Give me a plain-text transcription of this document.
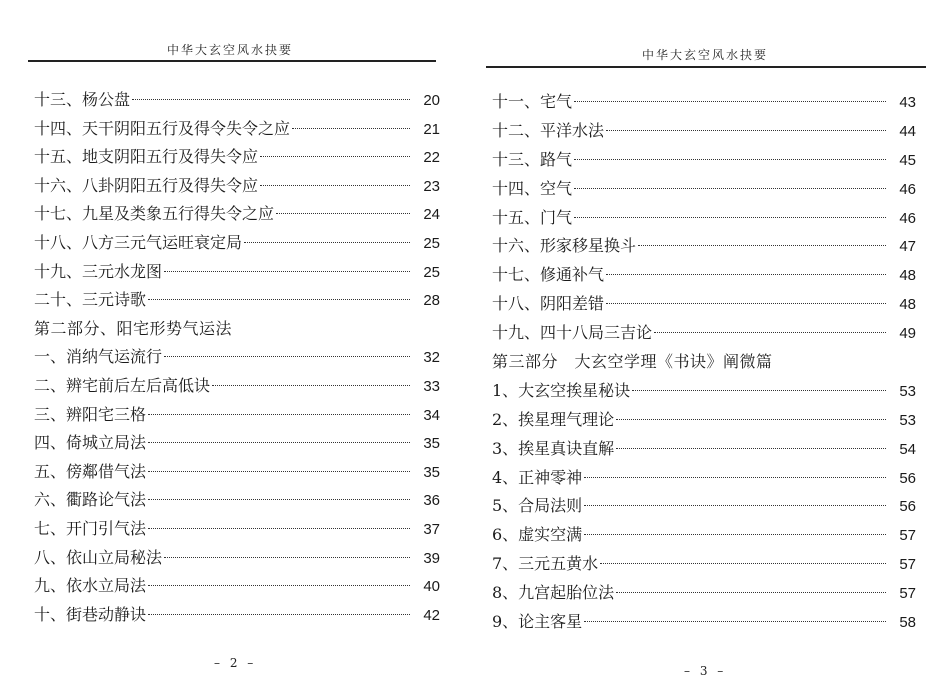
中华大玄空风水抉要
十三、杨公盘	20
十四、天干阴阳五行及得令失令之应	21
十五、地支阴阳五行及得失令应	22
十六、八卦阴阳五行及得失令应	23
十七、九星及类象五行得失令之应	24
十八、八方三元气运旺衰定局	25
十九、三元水龙图	25
二十、三元诗歌	28
第二部分、阳宅形势气运法
一、消纳气运流行	32
二、辨宅前后左后高低诀	33
三、辨阳宅三格	34
四、倚城立局法	35
五、傍鄰借气法	35
六、衢路论气法	36
七、开门引气法	37
八、依山立局秘法	39
九、依水立局法	40
十、街巷动静诀	42
– 2 –
中华大玄空风水抉要
十一、宅气	43
十二、平洋水法	44
十三、路气	45
十四、空气	46
十五、门气	46
十六、形家移星换斗	47
十七、修通补气	48
十八、阴阳差错	48
十九、四十八局三吉论	49
第三部分　大玄空学理《书诀》阐微篇
1、大玄空挨星秘诀	53
2、挨星理气理论	53
3、挨星真诀直解	54
4、正神零神	56
5、合局法则	56
6、虚实空满	57
7、三元五黄水	57
8、九宫起胎位法	57
9、论主客星	58
– 3 –
